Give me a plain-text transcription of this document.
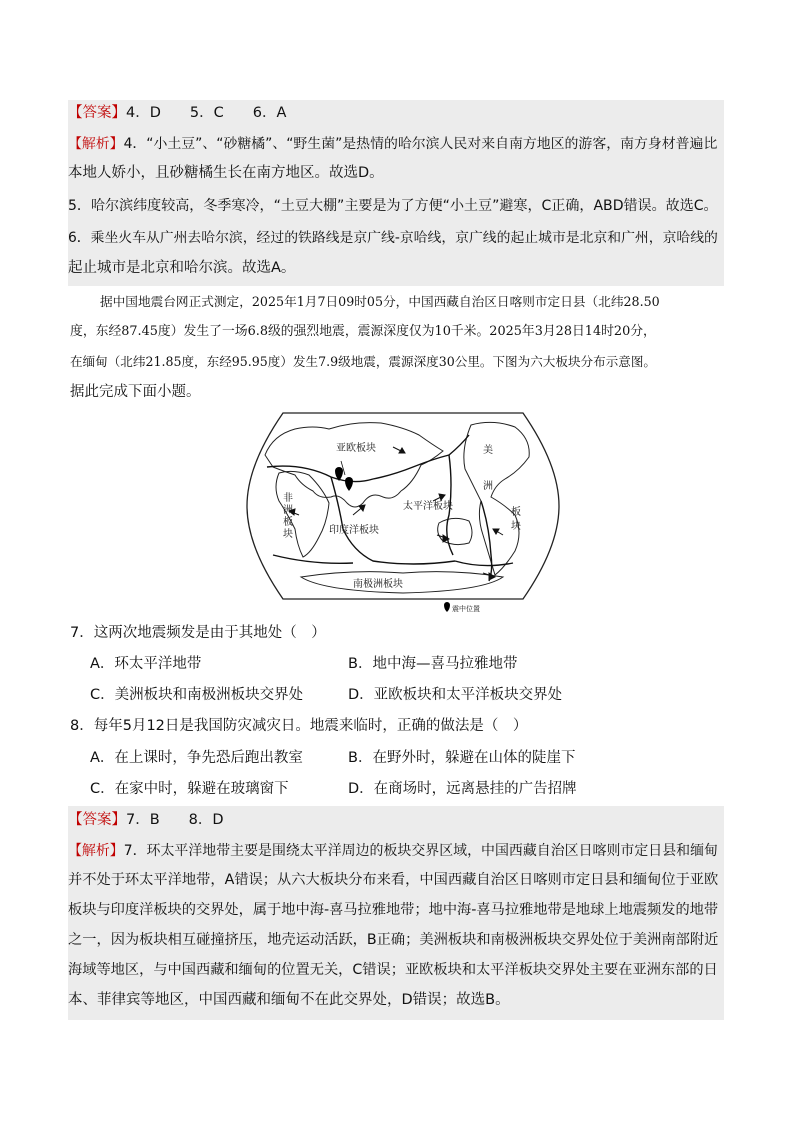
【答案】4．D　　5．C　　6．A
【解析】4．“小土豆”、“砂糖橘”、“野生菌”是热情的哈尔滨人民对来自南方地区的游客，南方身材普遍比
本地人娇小，且砂糖橘生长在南方地区。故选D。
5．哈尔滨纬度较高，冬季寒冷，“土豆大棚”主要是为了方便“小土豆”避寒，C正确，ABD错误。故选C。
6．乘坐火车从广州去哈尔滨，经过的铁路线是京广线-京哈线，京广线的起止城市是北京和广州，京哈线的
起止城市是北京和哈尔滨。故选A。
据中国地震台网正式测定，2025年1月7日09时05分，中国西藏自治区日喀则市定日县（北纬28.50
度，东经87.45度）发生了一场6.8级的强烈地震，震源深度仅为10千米。2025年3月28日14时20分，
在缅甸（北纬21.85度，东经95.95度）发生7.9级地震，震源深度30公里。下图为六大板块分布示意图。
据此完成下面小题。
亚欧板块
非
洲
板
块	印度洋板块
太平洋板块
美
洲
板
块
南极洲板块
震中位置
7．这两次地震频发是由于其地处（　）
A．环太平洋地带	B．地中海—喜马拉雅地带
C．美洲板块和南极洲板块交界处	D．亚欧板块和太平洋板块交界处
8．每年5月12日是我国防灾减灾日。地震来临时，正确的做法是（　）
A．在上课时，争先恐后跑出教室	B．在野外时，躲避在山体的陡崖下
C．在家中时，躲避在玻璃窗下	D．在商场时，远离悬挂的广告招牌
【答案】7．B　　8．D
【解析】7．环太平洋地带主要是围绕太平洋周边的板块交界区域，中国西藏自治区日喀则市定日县和缅甸
并不处于环太平洋地带，A错误；从六大板块分布来看，中国西藏自治区日喀则市定日县和缅甸位于亚欧
板块与印度洋板块的交界处，属于地中海-喜马拉雅地带；地中海-喜马拉雅地带是地球上地震频发的地带
之一，因为板块相互碰撞挤压，地壳运动活跃，B正确；美洲板块和南极洲板块交界处位于美洲南部附近
海域等地区，与中国西藏和缅甸的位置无关，C错误；亚欧板块和太平洋板块交界处主要在亚洲东部的日
本、菲律宾等地区，中国西藏和缅甸不在此交界处，D错误；故选B。
